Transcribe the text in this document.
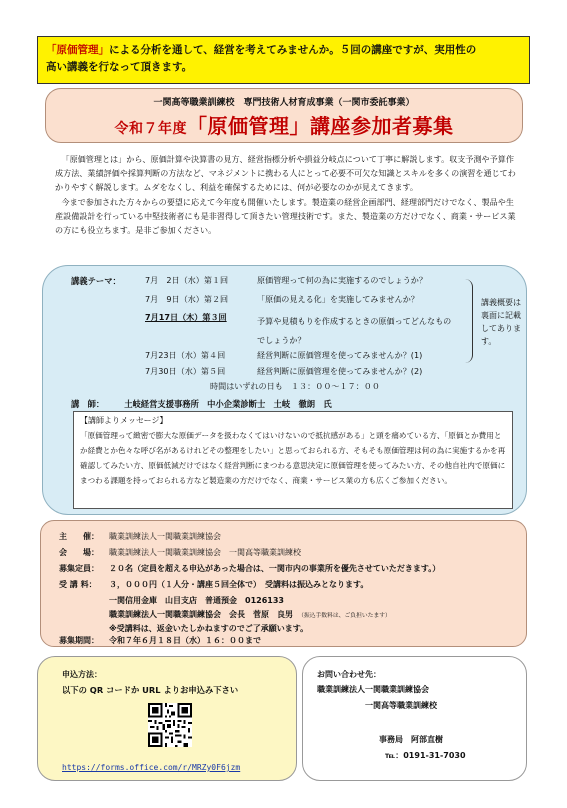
「原価管理」による分析を通して、経営を考えてみませんか。５回の講座ですが、実用性の

高い講義を行なって頂きます。

一関高等職業訓練校　専門技術人材育成事業（一関市委託事業）
令和７年度「原価管理」講座参加者募集

「原価管理とは」から、原価計算や決算書の見方、経営指標分析や損益分岐点について丁寧に解説します。収支予測や予算作成方法、業績評価や採算判断の方法など、マネジメントに携わる人にとって必要不可欠な知識とスキルを多くの演習を通じてわかりやすく解説します。ムダをなくし、利益を確保するためには、何が必要なのかが見えてきます。

今まで参加された方々からの要望に応えて今年度も開催いたします。製造業の経営企画部門、経理部門だけでなく、製品や生産設備設計を行っている中堅技術者にも是非習得して頂きたい管理技術です。また、製造業の方だけでなく、商業・サービス業の方にも役立ちます。是非ご参加ください。

講義テーマ：	7月　2日（水）第１回	原価管理って何の為に実施するのでしょうか？
7月　9日（水）第２回	「原価の見える化」を実施してみませんか？
7月17日（木）第３回	予算や見積もりを作成するときの原価ってどんなものでしょうか？
7月23日（水）第４回	経営判断に原価管理を使ってみませんか？(1)
7月30日（水）第５回	経営判断に原価管理を使ってみませんか？(2)
講義概要は裏面に記載してあります。
時間はいずれの日も　１３：００～１７：００
講　師： 土岐経営支援事務所　中小企業診断士　土岐　徹朗　氏
【講師よりメッセージ】
「原価管理って緻密で膨大な原価データを扱わなくてはいけないので抵抗感がある」と頭を痛めている方、「原価とか費用とか経費とか色々な呼び名があるけれどその整理をしたい」と思っておられる方、そもそも原価管理は何の為に実施するかを再確認してみたい方、原価低減だけではなく経営判断にまつわる意思決定に原価管理を使ってみたい方、その他自社内で原価にまつわる課題を持っておられる方など製造業の方だけでなく、商業・サービス業の方も広くご参加ください。
主　　催： 職業訓練法人一関職業訓練協会
会　　場： 職業訓練法人一関職業訓練協会　一関高等職業訓練校
募集定員： ２０名（定員を超える申込があった場合は、一関市内の事業所を優先させていただきます。）
受 講 料： ３，０００円（１人分・講座５回全体で）　受講料は振込みとなります。
一関信用金庫　山目支店　普通預金　0126133
職業訓練法人一関職業訓練協会　会長　菅原　良男　 （振込手数料は、ご負担いたます）
※受講料は、返金いたしかねますのでご了承願います。
募集期間： 令和７年６月１８日（水）１６：００まで
申込方法：
以下の QR コードか URL よりお申込み下さい
https://forms.office.com/r/MRZy0F6jzm
お問い合わせ先：
職業訓練法人一関職業訓練協会
一関高等職業訓練校
事務局　阿部直樹
℡：0191-31-7030
